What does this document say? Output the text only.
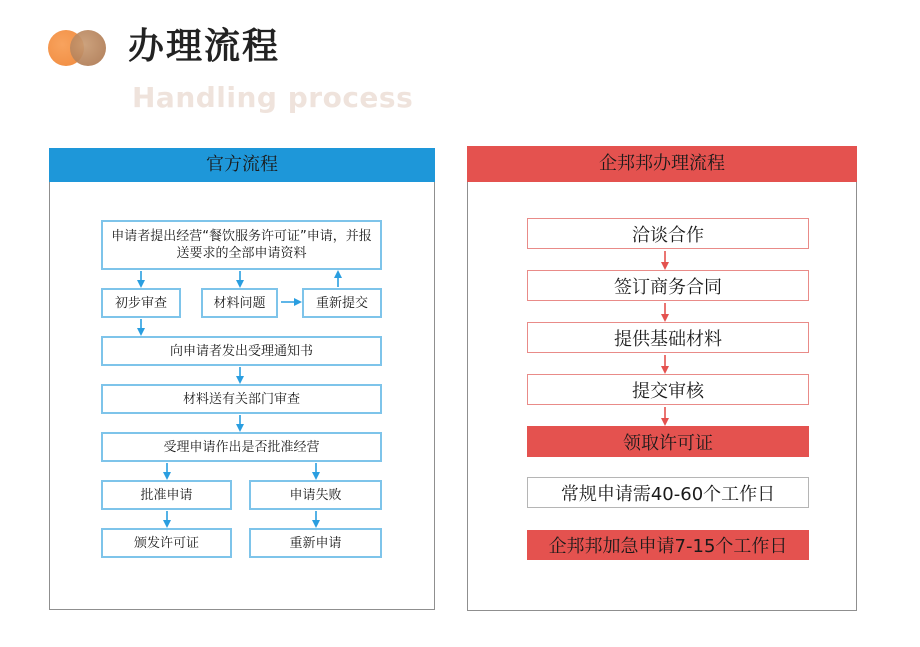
办理流程
Handling process
官方流程
申请者提出经营“餐饮服务许可证”申请，并报送要求的全部申请资料
初步审查	材料问题	重新提交
向申请者发出受理通知书
材料送有关部门审查
受理申请作出是否批准经营
批准申请	申请失败
颁发许可证	重新申请
企邦邦办理流程
洽谈合作
签订商务合同
提供基础材料
提交审核
领取许可证
常规申请需40-60个工作日
企邦邦加急申请7-15个工作日
